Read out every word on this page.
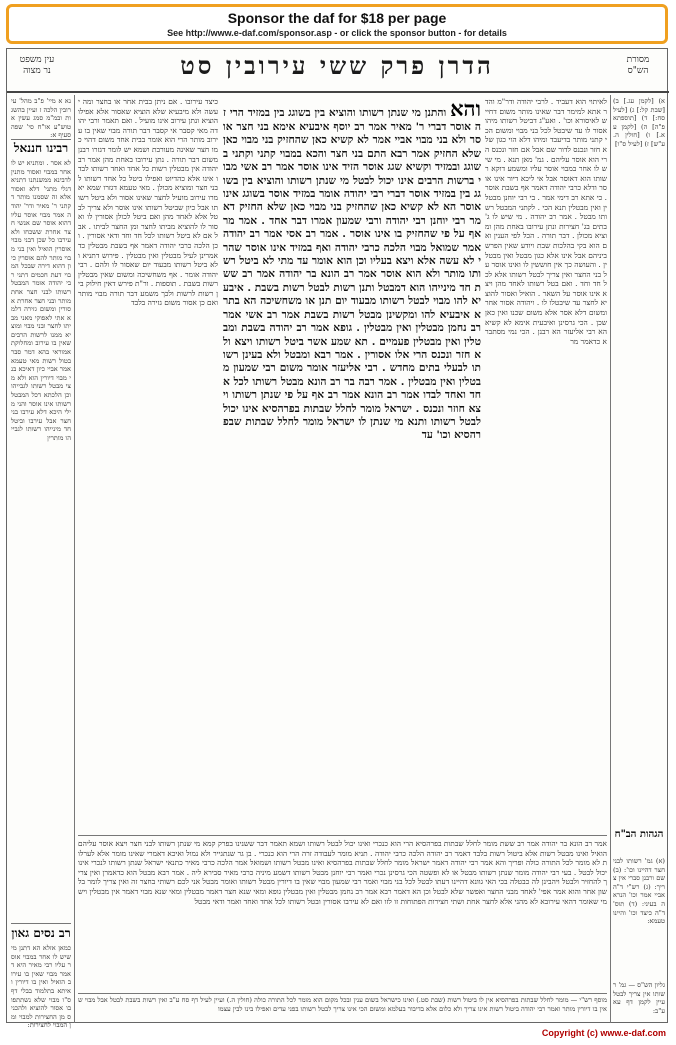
Sponsor the daf for $18 per page
See http://www.e-daf.com/sponsor.asp - or click the sponsor button - for details
עין משפט
נר מצוה	הדרן פרק ששי עירובין סט	מסורת
הש"ס
נא א מיי' פ"ב מהל' עירובין הלכה ז ועיין בהשגות ובמ"מ סמג עשין א טוש"ע או"ח סי' שפה סעיף א:
רבינו חננאל
לא אסר . ומתניא יש לו אחר במבוי ואסור מתנין לדבינא ממשנתנו דתניא דגלי מתני' דלא ואסור אלא זה שסמנו מותר דקתני ר' מאיר ודר' יהודה אמר מבוי אוסר עליו דהוא אוסר שם אנשי חצר אחרת ששכחו ולא עירבו כל שכן דבני מבוי אוסרין הואיל ואין בני מבוי מותר להם אוסרין כיון דהוא דירה שבכל המבוי דעת חכמים דתני רבי יהודה אומר המבטל רשותו לבני חצר אחת מותר ובני חצר אחרת אסורין ומשום גזירה דלמא אתי לאפוקי מאני מביתו לחצר ובני מבוי ומוציא ממנו לרשות הרבים שאין בו עירוב ומחלוקת אמוראי בהא דמר סבר בטול רשות מאי טעמא אמר אביי כיון דאיכא בני מבוי דיורין הוא ולא מצי מבטל רשותו לגבייהו וכן הלכתא דכל המבטל רשותו אינו אוסר והני מילי היכא דלא עירבו בני חצר אבל עירבו וביטל חד מינייהו רשותו לגבייהו מותרין
רב נסים גאון
כמאן אזלא הא דתנן מי שיש לו אחר במבוי אוסר עליו רבי מאיר היא דאמר מבוי שאין בו עירוב הואיל ואין בו דיורין ואיתא בתלמוד בבלי דף ס"ו מבוי שלא נשתתפו בו אסור להוציא ולהכניס מן החצירות למבוי ומן המבוי לחצירות:
כיצד עירובו . אם ניתן בבית אחר או בחצר ומה יעשה ולא מיבעיא שלא הוציא שאסור אלא אפילו הוציא ונתן עירוב אינו מועיל . ואם תאמר ורבי יהודה מאי קסבר אי קסבר דבר תורה מבוי שאין בו עירוב מותר הרי הוא אומר בבית אחד משום דהוי כמו חצר שאינה מעורבת ושמא יש לומר דגזרו רבנן משום דבר תורה . נתן עירובו באחת מהן אמר רב יהודה אין מבטלין רשות כל אחד ואחד רשותו לבדו אינו אלא כהדיוט ואפילו ביטל כל אחד רשותו לבני חצר ומוציא מכולן . מאי טעמא דגזרו שמא יאמרו עירוב מועיל לחצר שאינו אסור ולא ביטל רשותו אבל כיון שביטל רשותו אינו אוסר ולא צריך לבטל אלא לאחד מהן ואם ביטל לכולן אסורין לו ואסור לו להוציא מביתו לחצר ומן החצר לביתו . אבל אם לא ביטל רשותו לכל חד וחד ודאי אסורין . וכן הלכה כרבי יהודה דאמר אף בשבת מבטלין כדאמרינן לעיל מבטלין ואין מבטלין . פירוש דתניא ולא ביטל רשותו מבעוד יום שאסור לו ולהם . רבי יהודה אומר . אף משחשיכה ומשום שאין מבטלין רשות בשבת . תוספות . ור"ת פירש דאין חילוק בין רשות לרשות ולכך משמע דבר תורה מבוי מותר ואם כן אסור משום גזירה בלבד
והא והתנן מי שנתן רשותו והוציא בין בשוגג בין במזיד הרי זה אוסר דברי ר' מאיר אמר רב יוסף איבעיא אימא בני חצר אוסר ולא בני מבוי אביי אמר לא קשיא כאן שהחזיק בני מבוי כאן שלא החזיק אמר רבא התם בני חצר והכא במבוי קתני וקתני בשוגג ובמזיד וקשיא שגג אוסר הזיד אינו אוסר אמר רב אשי מבוי ברשות הרבים אינו יכול לבטל מי שנתן רשותו והוציא בין בשוגג בין במזיד אוסר דברי רבי יהודה אומר במזיד אוסר בשוגג אינו אוסר הא לא קשיא כאן שהחזיק בני מבוי כאן שלא החזיק דאמר רבי יוחנן רבי יהודה ורבי שמעון אמרו דבר אחד . אמר מר אף על פי שהחזיק בו אינו אוסר . אמר רב אסי אמר רב יהודה אמר שמואל מבוי הלכה כרבי יהודה ואף במזיד אינו אוסר שהרי לא עשה אלא ויצא בעליו וכן הוא אומר עד מתי לא ביטל רשותו מותר ולא הוא אוסר אמר רב הונא בר יהודה אמר רב ששת חד מינייהו הוא דמבטל ותנן רשות לבטל רשות בשבת . איבעיא להו מבוי לבטל רשותו מבעוד יום תנן או משחשיכה הא בתרא איבעיא להו ומקשינן מבטל רשות בשבת אמר רב אשי אמר רב נחמן מבטלין ואין מבטלין . גופא אמר רב יהודה בשבת ומבטלין ואין מבטלין פעמיים . תא שמע אשר ביטל רשותו ויצא ולא חזר ונכנס הרי אלו אסורין . אמר רבא ומבטל ולא בעינן רשותו לבעלי בתים מחדש . רבי אליעזר אומר משום רבי שמעון מבטלין ואין מבטלין . אמר רבה בר רב הונא מבטל רשותו לכל אחד ואחד לבדו אמר רב הונא אמר רב אף על פי שנתן רשותו ויצא חוזר ונכנס . ישראל מומר לחלל שבתות בפרהסיא אינו יכול לבטל רשותו ותנא מי שנתן לו ישראל מומר לחלל שבתות שבפרהסיא וכו' עד
לאיתוי הוא דעביד . לרבי יהודה ודר"מ והדר אתא למימר דבר שאינו מותר משום דחייש לאיסורא וכו' . ואע"ג דביטל רשותו מיהו אסור לו עד שיבטל לכל בני מבוי ומשום הכי קתני מותר בדיעבד ומיהו דלא הוי כגון שלא חזר ונכנס לדור שם אבל אם חזר ונכנס הרי הוא אוסר עליהם . גמ' מאן תנא . מי שיש לו אחר במבוי אוסר עליו ומשמע דוקא רשותו הוא דאוסר אבל אי ליכא דיור אינו אוסר ודלא כרבי יהודה דאמר אף בשבת אוסר . כי אתא רב דימי אמר . בי רבי יוחנן מבטלין ואין מבטלין תנא הכי . לקתני המבטל רשותו מבטל . אמר רב יהודה . מי שיש לו ג' בתים בג' חצירות ונתן עירובו באחת מהן ומוציא מכולן . דבר תורה . הכל לפי הענין ואם הוא בקי בהלכות שבת ויודע שאין הפרש ביניהם אבל אינו אלא כגון מבטל ואין מבטלין . והעושה כך אין חוששין לו ואינו אוסר על בני החצר ואין צריך לבטל רשותו אלא לכל חד וחד . ואם בטל רשותו לאחד מהן ויצא אינו אוסר על השאר . הואיל ואסור להוציא לחצר עד שיבטלו לו . ויהודה אסור אחר ומשום דלא אסר אלא משום שכנו ואין כאן שכן . הכי גרסינן ואיבעית אימא לא קשיא הא רבי אליעזר הא רבנן . הכי נמי מסתברא כדאמר מר
א) [לקמן עג.] ב) [שבת קל:] ג) [לעיל סח:] ד) [תוספתא פ"ה] ה) [לקמן עא.] ו) [חולין ה. ע"ש] ז) [לעיל ס"ו]
הגהות הב"ח
(א) גמ' רשותו לבני חצר דהיינו וכו': (ב) שם ורבנן סברי אין צריך: (ג) רש"י ד"ה אביי אמר וכו' הנראה בעיני: (ד) תוס' ד"ה כיצד וכו' והיינו טעמא:
גליון הש"ס — גמ' רשותו אין צריך לבטל עיין לקמן דף עא ע"ב:
אמר רב הונא בר יהודה אמר רב ששת מומר לחלל שבתות בפרהסיא הרי הוא כנכרי ואינו יכול לבטל רשותו ושמא תאמר דבר ששנינו בפרק קמא מי שנתן רשותו לבני חצר ויצא אוסר עליהם הואיל ואינו מבטל רשות אלא ביטול רשות בלבד דאמר רב יהודה הלכה כרבי יהודה . תניא מומר לעבודה זרה הרי הוא כנכרי . בן גר שנתגייר ולא נמול ואיכא דאמרי שאינו מומר אלא לערלות לא מומר לכל התורה כולה ופריך והא אמר רבי יהודה דאמר ישראל מומר לחלל שבתות בפרהסיא ואינו מבטל רשותו ושמואל אמר הלכה כרבי מאיר כתנאי ישראל שנתן רשותו לנכרי אינו יכול לבטל . בעי רבי יהודה מומר שנתן רשותו מבטל או לא ופשטה הכי גרסינן נכרי ואמר רבי יוחנן מבטל רשותו דשמע מיניה כרבי מאיר סבירא ליה . אמר רבא מבטל הוא כדאמרן ואין צריך להחזיר ולבטל ויהבינן לה כבטלה בכי האי גוונא דהיינו דעתו לבטל לכל בני מבוי ואמר רבי שמעון מבוי שאין בו דיורין מבטל רשותו ואומר מבטל אני לכם רשותי בחצר זה ואין צריך לומר בלשון אחר והוא אמר אפי' לאחד מבני החצר ואפשר שלא לבטל וכן הא דאמר רבא אמר רב נחמן מבטלין ואין מבטלין גופא ומאי שנא חצר דאמר מבטלין ומאי שנא מבוי דאמר אין מבטלין ויש מי שאומר דהאי עירובא לא מהני אלא לחצר אחת ושתי חצירות הפתוחות זו לזו ואם לא עירבו אסורין ובטל רשותו לכל אחד ואחד ואמר ודאי מבטל
מוסף רש"י — מומר לחלל שבתות בפרהסיא אין לו ביטול רשות (שבת סט.) ואינו כישראל בשום ענין ובכל מקום הוא מומר לכל התורה כולה (חולין ה.) ועיין לעיל דף סח ע"ב ואין רשות בשבת לבטל אבל מבוי שאין בו דיורין מותר ואמר רבי יהודה ביטול רשות אינו צריך ולא כלום אלא בדיבור בעלמא ומשום הכי אינו צריך לבטל רשותו בפני עדים ואפילו בינו לבין עצמו
Copyright (c) www.e-daf.com
